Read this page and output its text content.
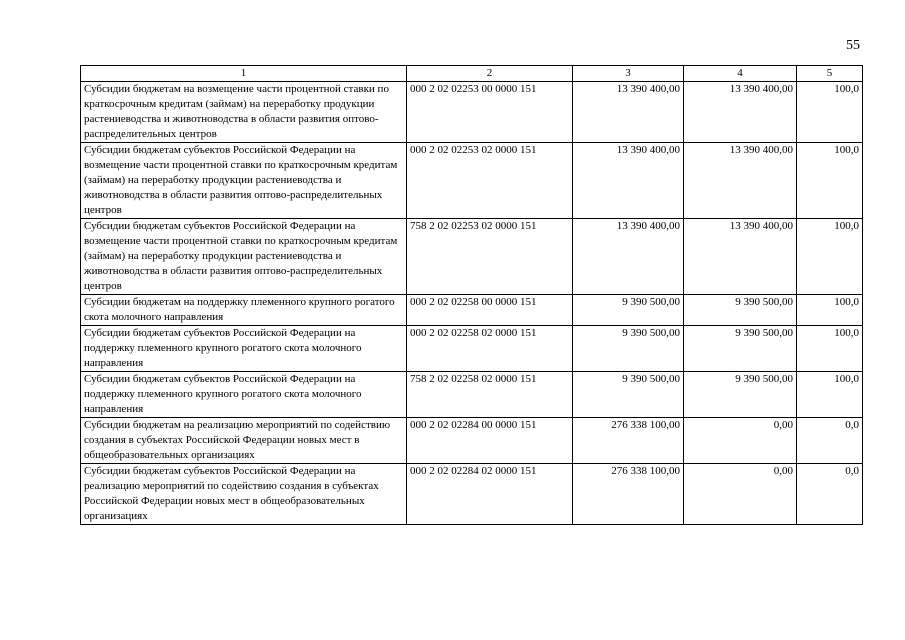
55
1	2	3	4	5
Субсидии бюджетам на возмещение части процентной ставки по краткосрочным кредитам (займам) на переработку продукции растениеводства и животноводства в области развития оптово-распределительных центров	000 2 02 02253 00 0000 151	13 390 400,00	13 390 400,00	100,0
Субсидии бюджетам субъектов Российской Федерации на возмещение части процентной ставки по краткосрочным кредитам (займам) на переработку продукции растениеводства и животноводства в области развития оптово-распределительных центров	000 2 02 02253 02 0000 151	13 390 400,00	13 390 400,00	100,0
Субсидии бюджетам субъектов Российской Федерации на возмещение части процентной ставки по краткосрочным кредитам (займам) на переработку продукции растениеводства и животноводства в области развития оптово-распределительных центров	758 2 02 02253 02 0000 151	13 390 400,00	13 390 400,00	100,0
Субсидии бюджетам на поддержку племенного крупного рогатого скота молочного направления	000 2 02 02258 00 0000 151	9 390 500,00	9 390 500,00	100,0
Субсидии бюджетам субъектов Российской Федерации на поддержку племенного крупного рогатого скота молочного направления	000 2 02 02258 02 0000 151	9 390 500,00	9 390 500,00	100,0
Субсидии бюджетам субъектов Российской Федерации на поддержку племенного крупного рогатого скота молочного направления	758 2 02 02258 02 0000 151	9 390 500,00	9 390 500,00	100,0
Субсидии бюджетам на реализацию мероприятий по содействию создания в субъектах Российской Федерации новых мест в общеобразовательных организациях	000 2 02 02284 00 0000 151	276 338 100,00	0,00	0,0
Субсидии бюджетам субъектов Российской Федерации на реализацию мероприятий по содействию создания в субъектах Российской Федерации новых мест в общеобразовательных организациях	000 2 02 02284 02 0000 151	276 338 100,00	0,00	0,0
